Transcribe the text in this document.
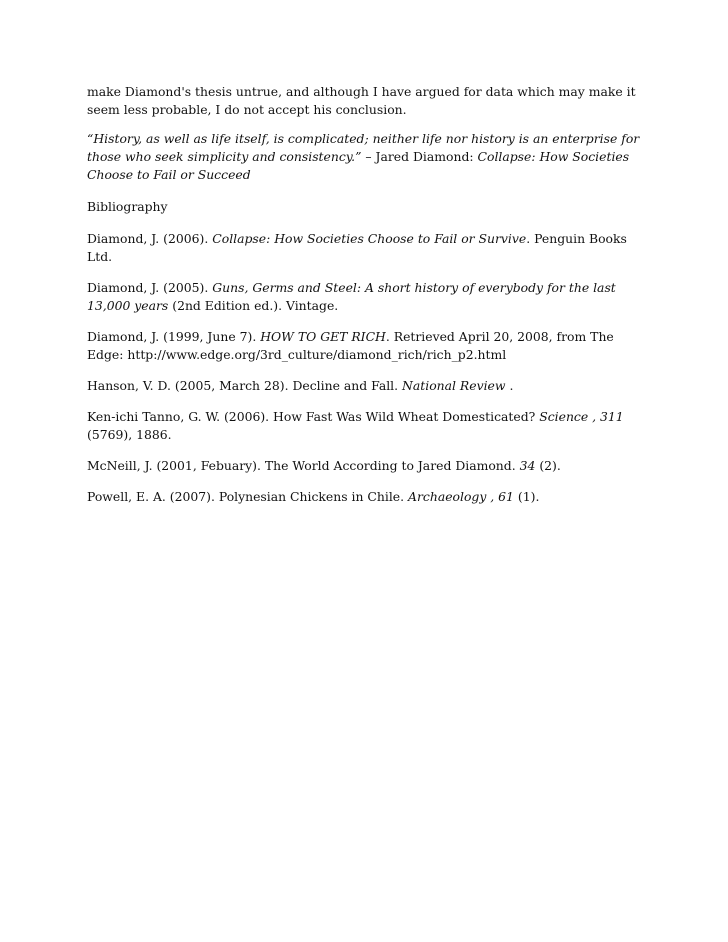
make Diamond's thesis untrue, and although I have argued for data which may make it seem less probable, I do not accept his conclusion.

“History, as well as life itself, is complicated; neither life nor history is an enterprise for those who seek simplicity and consistency.” – Jared Diamond: Collapse: How Societies Choose to Fail or Succeed

Bibliography

Diamond, J. (2006). Collapse: How Societies Choose to Fail or Survive. Penguin Books Ltd.

Diamond, J. (2005). Guns, Germs and Steel: A short history of everybody for the last 13,000 years (2nd Edition ed.). Vintage.

Diamond, J. (1999, June 7). HOW TO GET RICH. Retrieved April 20, 2008, from The Edge: http://www.edge.org/3rd_culture/diamond_rich/rich_p2.html

Hanson, V. D. (2005, March 28). Decline and Fall. National Review .

Ken-ichi Tanno, G. W. (2006). How Fast Was Wild Wheat Domesticated? Science , 311 (5769), 1886.

McNeill, J. (2001, Febuary). The World According to Jared Diamond. 34 (2).

Powell, E. A. (2007). Polynesian Chickens in Chile. Archaeology , 61 (1).
